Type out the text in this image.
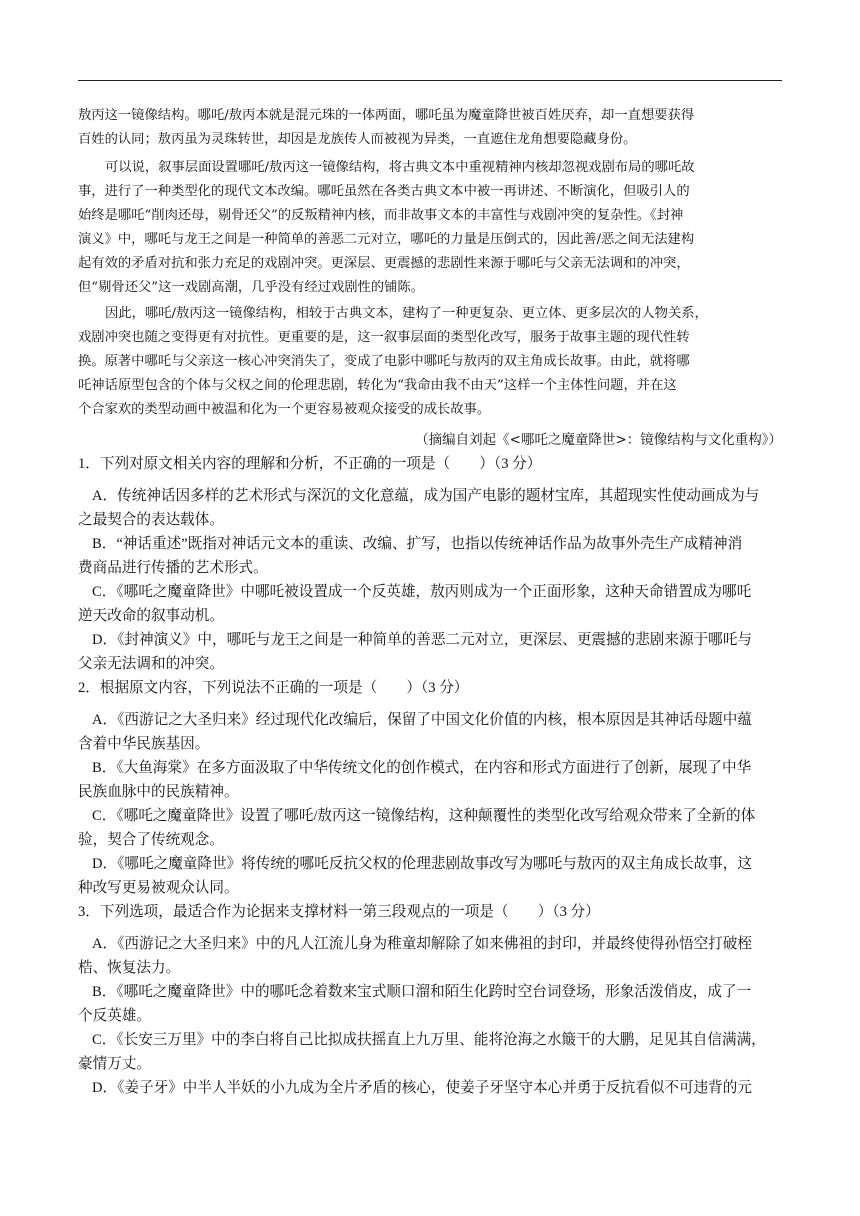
敖丙这一镜像结构。哪吒/敖丙本就是混元珠的一体两面，哪吒虽为魔童降世被百姓厌弃，却一直想要获得
百姓的认同；敖丙虽为灵珠转世，却因是龙族传人而被视为异类，一直遮住龙角想要隐藏身份。
可以说，叙事层面设置哪吒/敖丙这一镜像结构，将古典文本中重视精神内核却忽视戏剧布局的哪吒故
事，进行了一种类型化的现代文本改编。哪吒虽然在各类古典文本中被一再讲述、不断演化，但吸引人的
始终是哪吒“削肉还母，剔骨还父”的反叛精神内核，而非故事文本的丰富性与戏剧冲突的复杂性。《封神
演义》中，哪吒与龙王之间是一种简单的善恶二元对立，哪吒的力量是压倒式的，因此善/恶之间无法建构
起有效的矛盾对抗和张力充足的戏剧冲突。更深层、更震撼的悲剧性来源于哪吒与父亲无法调和的冲突，
但“剔骨还父”这一戏剧高潮，几乎没有经过戏剧性的铺陈。
因此，哪吒/敖丙这一镜像结构，相较于古典文本，建构了一种更复杂、更立体、更多层次的人物关系，
戏剧冲突也随之变得更有对抗性。更重要的是，这一叙事层面的类型化改写，服务于故事主题的现代性转
换。原著中哪吒与父亲这一核心冲突消失了，变成了电影中哪吒与敖丙的双主角成长故事。由此，就将哪
吒神话原型包含的个体与父权之间的伦理悲剧，转化为“我命由我不由天”这样一个主体性问题，并在这
个合家欢的类型动画中被温和化为一个更容易被观众接受的成长故事。
（摘编自刘起《<哪吒之魔童降世>：镜像结构与文化重构》）
1．下列对原文相关内容的理解和分析，不正确的一项是（　　）（3 分）
A．传统神话因多样的艺术形式与深沉的文化意蕴，成为国产电影的题材宝库，其超现实性使动画成为与
之最契合的表达载体。
B．“神话重述”既指对神话元文本的重读、改编、扩写，也指以传统神话作品为故事外壳生产成精神消
费商品进行传播的艺术形式。
C．《哪吒之魔童降世》中哪吒被设置成一个反英雄，敖丙则成为一个正面形象，这种天命错置成为哪吒
逆天改命的叙事动机。
D．《封神演义》中，哪吒与龙王之间是一种简单的善恶二元对立，更深层、更震撼的悲剧来源于哪吒与
父亲无法调和的冲突。
2．根据原文内容，下列说法不正确的一项是（　　）（3 分）
A．《西游记之大圣归来》经过现代化改编后，保留了中国文化价值的内核，根本原因是其神话母题中蕴
含着中华民族基因。
B．《大鱼海棠》在多方面汲取了中华传统文化的创作模式，在内容和形式方面进行了创新，展现了中华
民族血脉中的民族精神。
C．《哪吒之魔童降世》设置了哪吒/敖丙这一镜像结构，这种颠覆性的类型化改写给观众带来了全新的体
验，契合了传统观念。
D．《哪吒之魔童降世》将传统的哪吒反抗父权的伦理悲剧故事改写为哪吒与敖丙的双主角成长故事，这
种改写更易被观众认同。
3．下列选项，最适合作为论据来支撑材料一第三段观点的一项是（　　）（3 分）
A．《西游记之大圣归来》中的凡人江流儿身为稚童却解除了如来佛祖的封印，并最终使得孙悟空打破桎
梏、恢复法力。
B．《哪吒之魔童降世》中的哪吒念着数来宝式顺口溜和陌生化跨时空台词登场，形象活泼俏皮，成了一
个反英雄。
C．《长安三万里》中的李白将自己比拟成扶摇直上九万里、能将沧海之水簸干的大鹏，足见其自信满满，
豪情万丈。
D．《姜子牙》中半人半妖的小九成为全片矛盾的核心，使姜子牙坚守本心并勇于反抗看似不可违背的元
